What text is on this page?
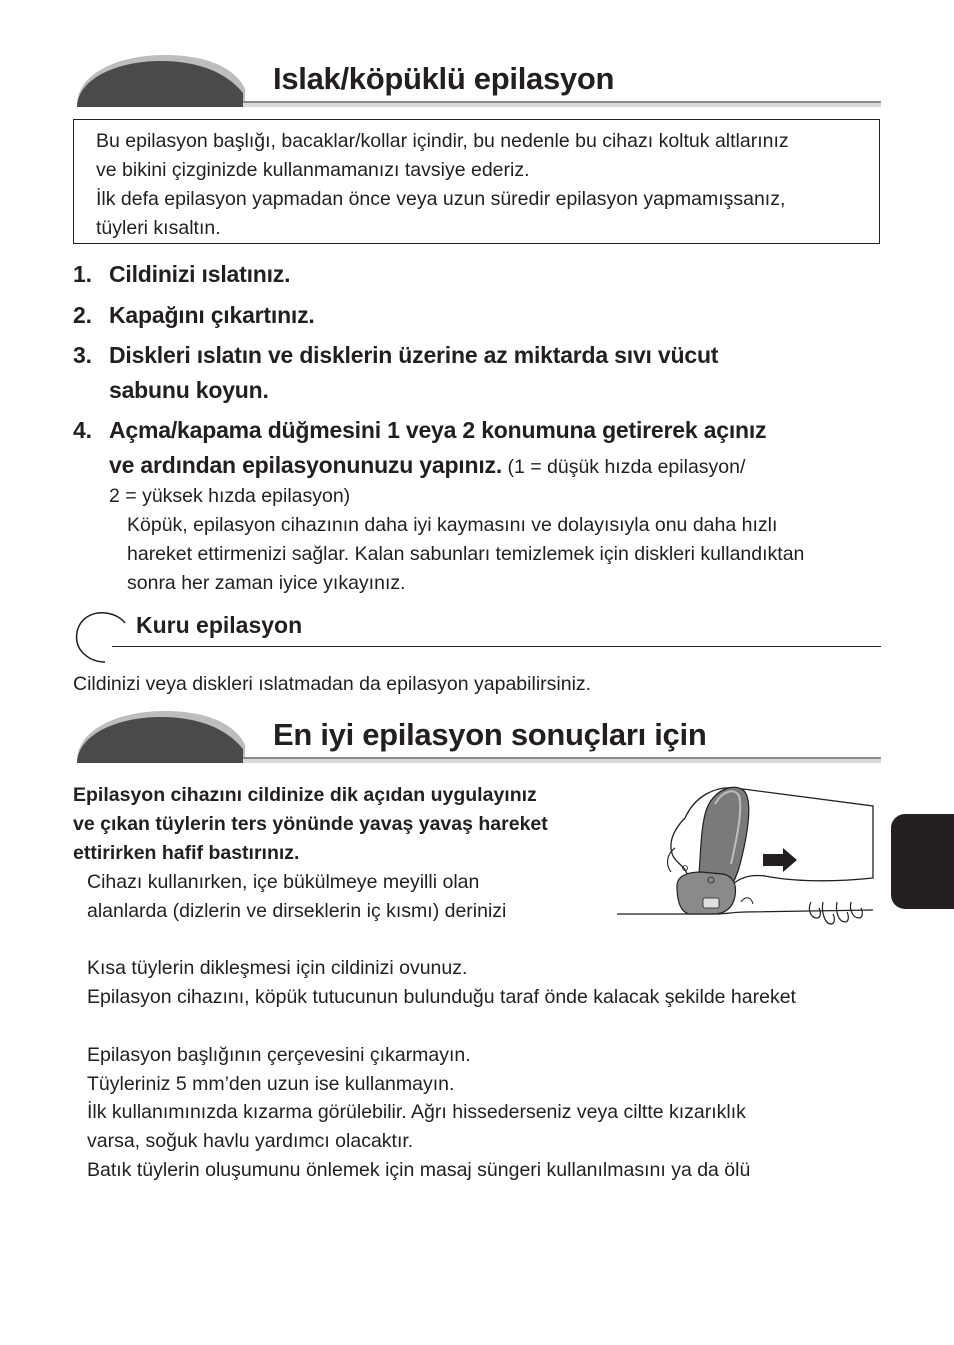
Islak/köpüklü epilasyon

Bu epilasyon başlığı, bacaklar/kollar içindir, bu nedenle bu cihazı koltuk altlarınız

ve bikini çizginizde kullanmamanızı tavsiye ederiz.

İlk defa epilasyon yapmadan önce veya uzun süredir epilasyon yapmamışsanız,

tüyleri kısaltın.

1. Cildinizi ıslatınız.
2. Kapağını çıkartınız.
3. Diskleri ıslatın ve disklerin üzerine az miktarda sıvı vücut
sabunu koyun.
4. Açma/kapama düğmesini 1 veya 2 konumuna getirerek açınız
ve ardından epilasyonunuzu yapınız. (1 = düşük hızda epilasyon/
2 = yüksek hızda epilasyon)
Köpük, epilasyon cihazının daha iyi kaymasını ve dolayısıyla onu daha hızlı
hareket ettirmenizi sağlar. Kalan sabunları temizlemek için diskleri kullandıktan
sonra her zaman iyice yıkayınız.
Kuru epilasyon
Cildinizi veya diskleri ıslatmadan da epilasyon yapabilirsiniz.
En iyi epilasyon sonuçları için
Epilasyon cihazını cildinize dik açıdan uygulayınız
ve çıkan tüylerin ters yönünde yavaş yavaş hareket
ettirirken hafif bastırınız.
Cihazı kullanırken, içe bükülmeye meyilli olan
alanlarda (dizlerin ve dirseklerin iç kısmı) derinizi
Kısa tüylerin dikleşmesi için cildinizi ovunuz.
Epilasyon cihazını, köpük tutucunun bulunduğu taraf önde kalacak şekilde hareket
Epilasyon başlığının çerçevesini çıkarmayın.
Tüyleriniz 5 mm’den uzun ise kullanmayın.
İlk kullanımınızda kızarma görülebilir. Ağrı hissederseniz veya ciltte kızarıklık
varsa, soğuk havlu yardımcı olacaktır.
Batık tüylerin oluşumunu önlemek için masaj süngeri kullanılmasını ya da ölü
